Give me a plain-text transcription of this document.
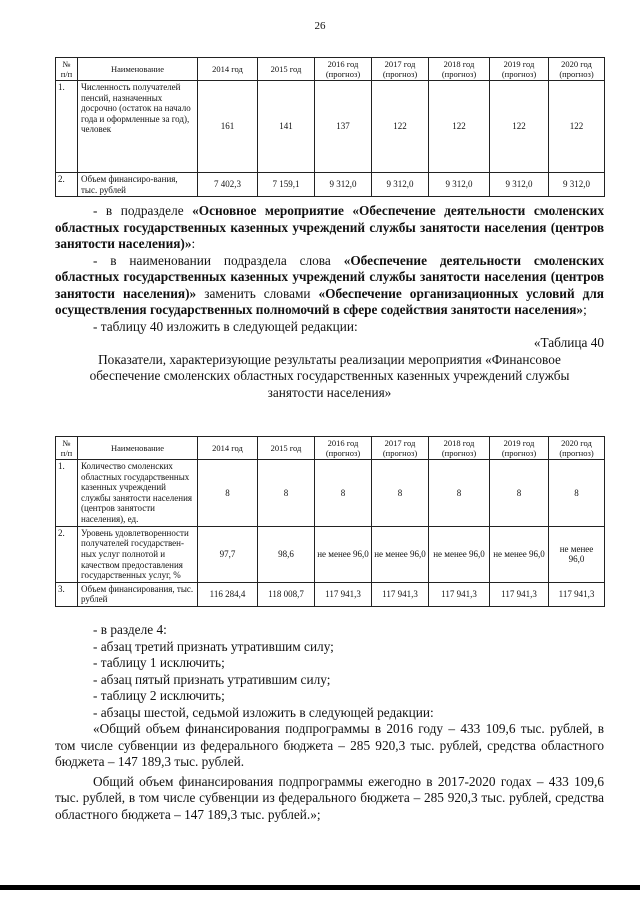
26
№ п/п	Наименование	2014 год	2015 год	2016 год (прогноз)	2017 год (прогноз)	2018 год (прогноз)	2019 год (прогноз)	2020 год (прогноз)
1.	Численность получателей пенсий, назначенных досрочно (остаток на начало года и оформленные за год), человек	161	141	137	122	122	122	122
2.	Объем финансиро-вания, тыс. рублей	7 402,3	7 159,1	9 312,0	9 312,0	9 312,0	9 312,0	9 312,0

- в подразделе «Основное мероприятие «Обеспечение деятельности смоленских областных государственных казенных учреждений службы занятости населения (центров занятости населения)»:

- в наименовании подраздела слова «Обеспечение деятельности смоленских областных государственных казенных учреждений службы занятости населения (центров занятости населения)» заменить словами «Обеспечение организационных условий для осуществления государственных полномочий в сфере содействия занятости населения»;

- таблицу 40 изложить в следующей редакции:

«Таблица 40

Показатели, характеризующие результаты реализации мероприятия «Финансовое обеспечение смоленских областных государственных казенных учреждений службы занятости населения»

№ п/п	Наименование	2014 год	2015 год	2016 год (прогноз)	2017 год (прогноз)	2018 год (прогноз)	2019 год (прогноз)	2020 год (прогноз)
1.	Количество смоленских областных государственных казенных учреждений службы занятости населения (центров занятости населения), ед.	8	8	8	8	8	8	8
2.	Уровень удовлетворенности получателей государствен-ных услуг полнотой и качеством предоставления государственных услуг, %	97,7	98,6	не менее 96,0	не менее 96,0	не менее 96,0	не менее 96,0	не менее 96,0
3.	Объем финансирования, тыс. рублей	116 284,4	118 008,7	117 941,3	117 941,3	117 941,3	117 941,3	117 941,3

- в разделе 4:

- абзац третий признать утратившим силу;

- таблицу 1 исключить;

- абзац пятый признать утратившим силу;

- таблицу 2 исключить;

- абзацы шестой, седьмой изложить в следующей редакции:

«Общий объем финансирования подпрограммы в 2016 году – 433 109,6 тыс. рублей, в том числе субвенции из федерального бюджета – 285 920,3 тыс. рублей, средства областного бюджета – 147 189,3 тыс. рублей.

Общий объем финансирования подпрограммы ежегодно в 2017-2020 годах – 433 109,6 тыс. рублей, в том числе субвенции из федерального бюджета – 285 920,3 тыс. рублей, средства областного бюджета – 147 189,3 тыс. рублей.»;
